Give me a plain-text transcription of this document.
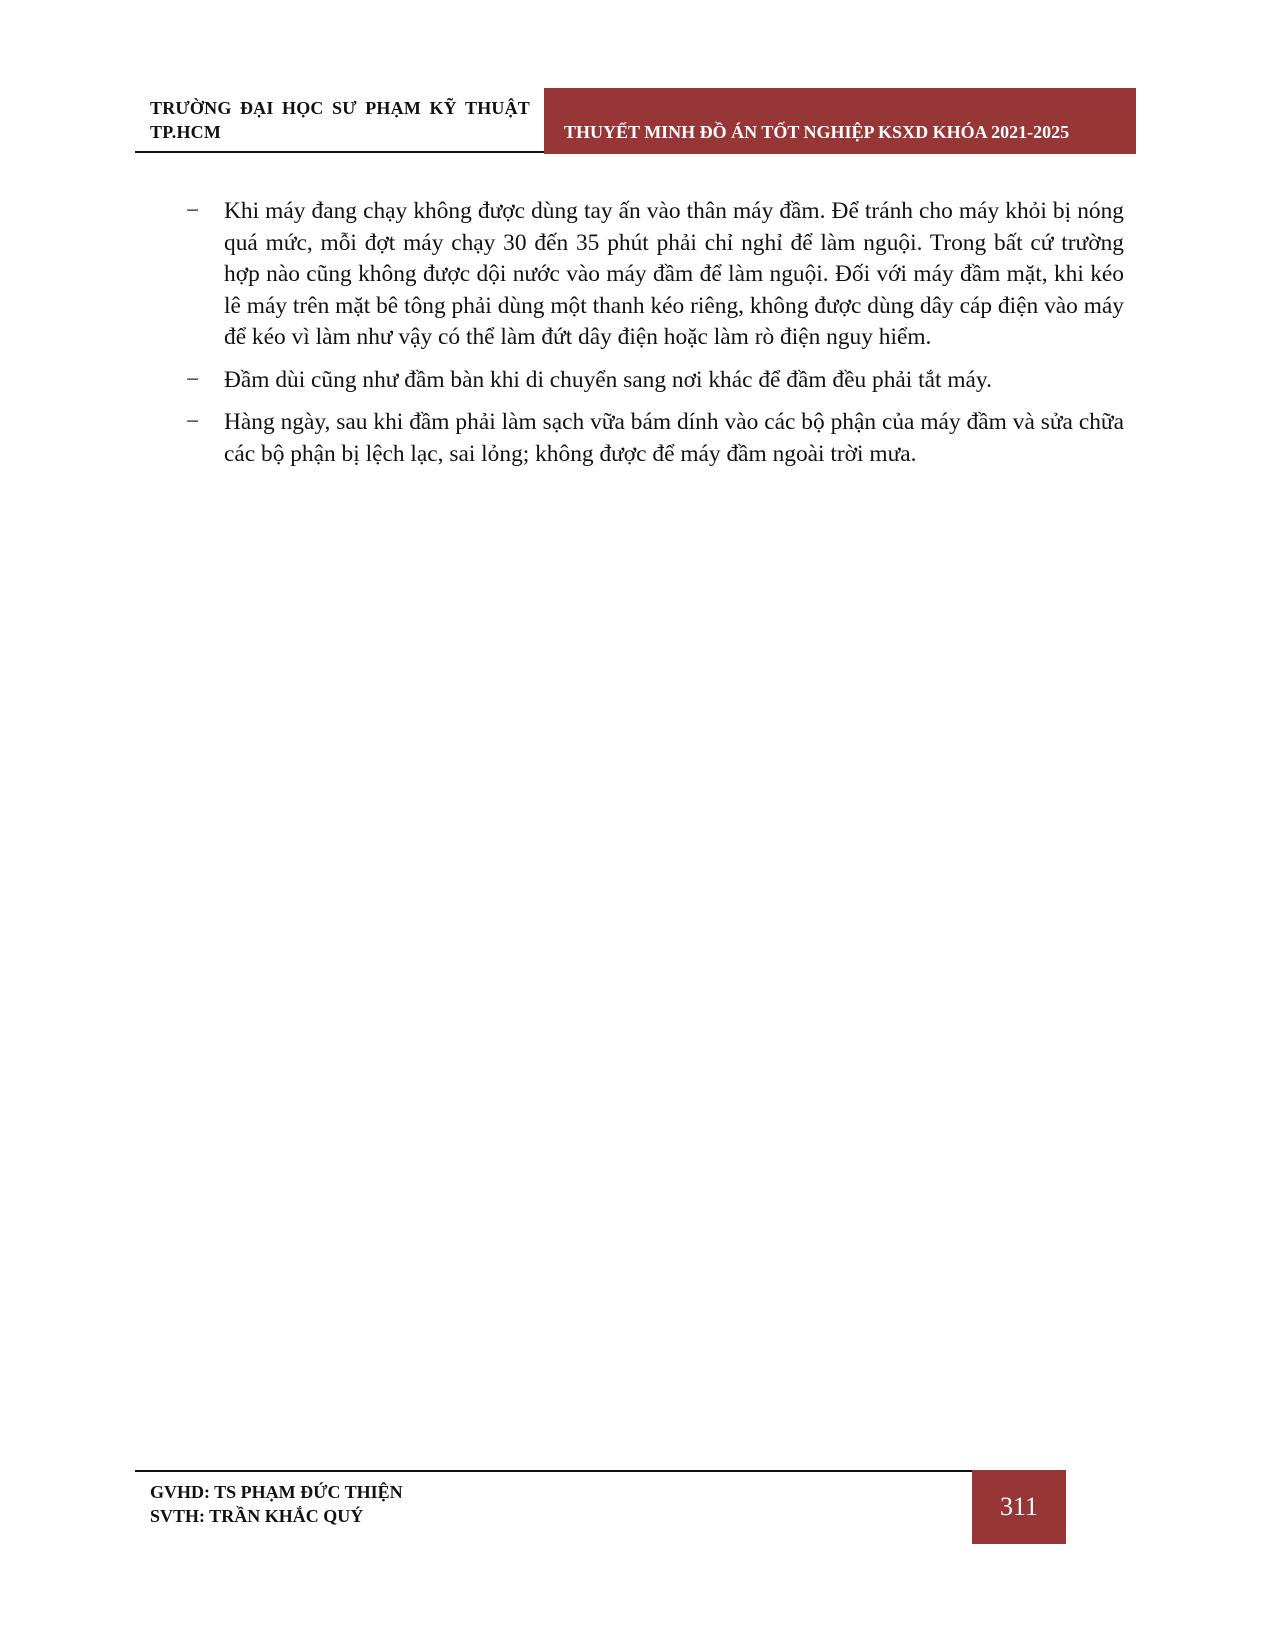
TRƯỜNG ĐẠI HỌC SƯ PHẠM KỸ THUẬT
TP.HCM	THUYẾT MINH ĐỒ ÁN TỐT NGHIỆP KSXD KHÓA 2021-2025
− Khi máy đang chạy không được dùng tay ấn vào thân máy đầm. Để tránh cho máy khỏi bị nóng quá mức, mỗi đợt máy chạy 30 đến 35 phút phải chỉ nghỉ để làm nguội. Trong bất cứ trường hợp nào cũng không được dội nước vào máy đầm để làm nguội. Đối với máy đầm mặt, khi kéo lê máy trên mặt bê tông phải dùng một thanh kéo riêng, không được dùng dây cáp điện vào máy để kéo vì làm như vậy có thể làm đứt dây điện hoặc làm rò điện nguy hiểm.
− Đầm dùi cũng như đầm bàn khi di chuyển sang nơi khác để đầm đều phải tắt máy.
− Hàng ngày, sau khi đầm phải làm sạch vữa bám dính vào các bộ phận của máy đầm và sửa chữa các bộ phận bị lệch lạc, sai lỏng; không được để máy đầm ngoài trời mưa.
GVHD: TS PHẠM ĐỨC THIỆN
SVTH: TRẦN KHẮC QUÝ	311
